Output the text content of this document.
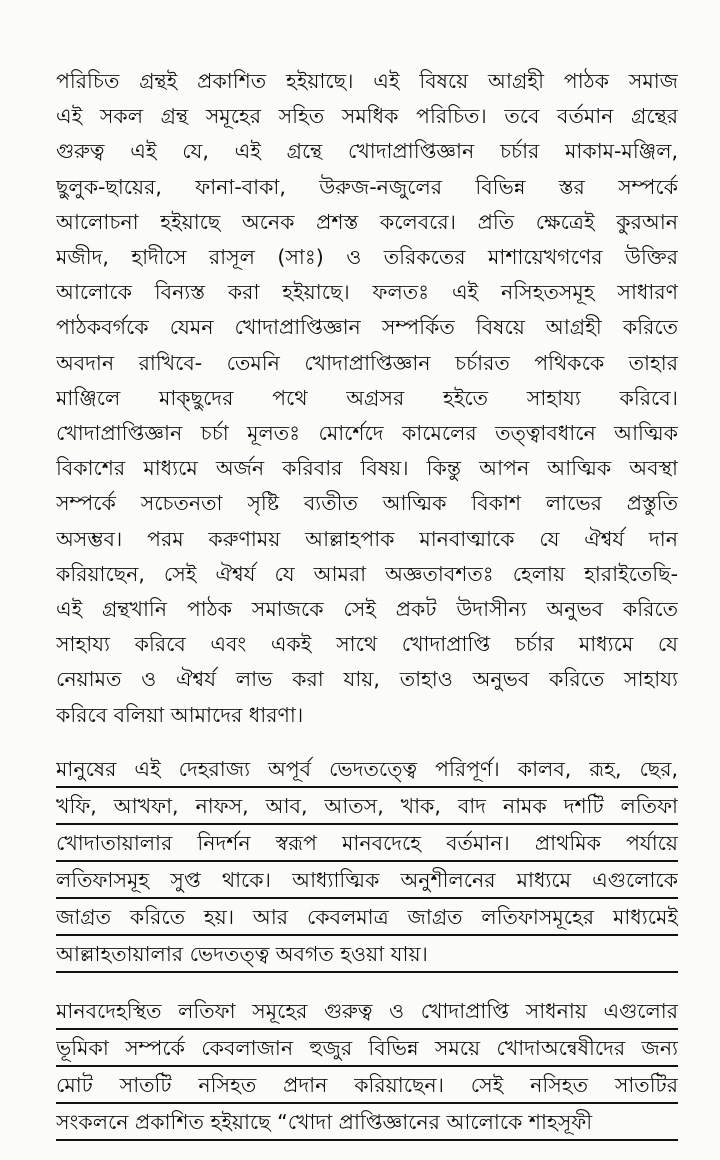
পরিচিত গ্রন্থই প্রকাশিত হইয়াছে। এই বিষয়ে আগ্রহী পাঠক সমাজ
এই সকল গ্রন্থ সমূহের সহিত সমধিক পরিচিত। তবে বর্তমান গ্রন্থের
গুরুত্ব এই যে, এই গ্রন্থে খোদাপ্রাপ্তিজ্ঞান চর্চার মাকাম-মঞ্জিল,
ছুলুক-ছায়ের, ফানা-বাকা, উরুজ-নজুলের বিভিন্ন স্তর সম্পর্কে
আলোচনা হইয়াছে অনেক প্রশস্ত কলেবরে। প্রতি ক্ষেত্রেই কুরআন
মজীদ, হাদীসে রাসূল (সাঃ) ও তরিকতের মাশায়েখগণের উক্তির
আলোকে বিন্যস্ত করা হইয়াছে। ফলতঃ এই নসিহতসমূহ সাধারণ
পাঠকবর্গকে যেমন খোদাপ্রাপ্তিজ্ঞান সম্পর্কিত বিষয়ে আগ্রহী করিতে
অবদান রাখিবে- তেমনি খোদাপ্রাপ্তিজ্ঞান চর্চারত পথিককে তাহার
মাঞ্জিলে মাক্ছুদের পথে অগ্রসর হইতে সাহায্য করিবে।
খোদাপ্রাপ্তিজ্ঞান চর্চা মূলতঃ মোর্শেদে কামেলের তত্ত্বাবধানে আত্মিক
বিকাশের মাধ্যমে অর্জন করিবার বিষয়। কিন্তু আপন আত্মিক অবস্থা
সম্পর্কে সচেতনতা সৃষ্টি ব্যতীত আত্মিক বিকাশ লাভের প্রস্তুতি
অসম্ভব। পরম করুণাময় আল্লাহপাক মানবাত্মাকে যে ঐশ্বর্য দান
করিয়াছেন, সেই ঐশ্বর্য যে আমরা অজ্ঞতাবশতঃ হেলায় হারাইতেছি-
এই গ্রন্থখানি পাঠক সমাজকে সেই প্রকট উদাসীন্য অনুভব করিতে
সাহায্য করিবে এবং একই সাথে খোদাপ্রাপ্তি চর্চার মাধ্যমে যে
নেয়ামত ও ঐশ্বর্য লাভ করা যায়, তাহাও অনুভব করিতে সাহায্য
করিবে বলিয়া আমাদের ধারণা।
মানুষের এই দেহরাজ্য অপূর্ব ভেদতত্ত্বে পরিপূর্ণ। কালব, রূহ, ছের,
খফি, আখফা, নাফস, আব, আতস, খাক, বাদ নামক দশটি লতিফা
খোদাতায়ালার নিদর্শন স্বরূপ মানবদেহে বর্তমান। প্রাথমিক পর্যায়ে
লতিফাসমূহ সুপ্ত থাকে। আধ্যাত্মিক অনুশীলনের মাধ্যমে এগুলোকে
জাগ্রত করিতে হয়। আর কেবলমাত্র জাগ্রত লতিফাসমূহের মাধ্যমেই
আল্লাহতায়ালার ভেদতত্ত্ব অবগত হওয়া যায়।
মানবদেহস্থিত লতিফা সমূহের গুরুত্ব ও খোদাপ্রাপ্তি সাধনায় এগুলোর
ভূমিকা সম্পর্কে কেবলাজান হুজুর বিভিন্ন সময়ে খোদাঅন্বেষীদের জন্য
মোট সাতটি নসিহত প্রদান করিয়াছেন। সেই নসিহত সাতটির
সংকলনে প্রকাশিত হইয়াছে “খোদা প্রাপ্তিজ্ঞানের আলোকে শাহসূফী
